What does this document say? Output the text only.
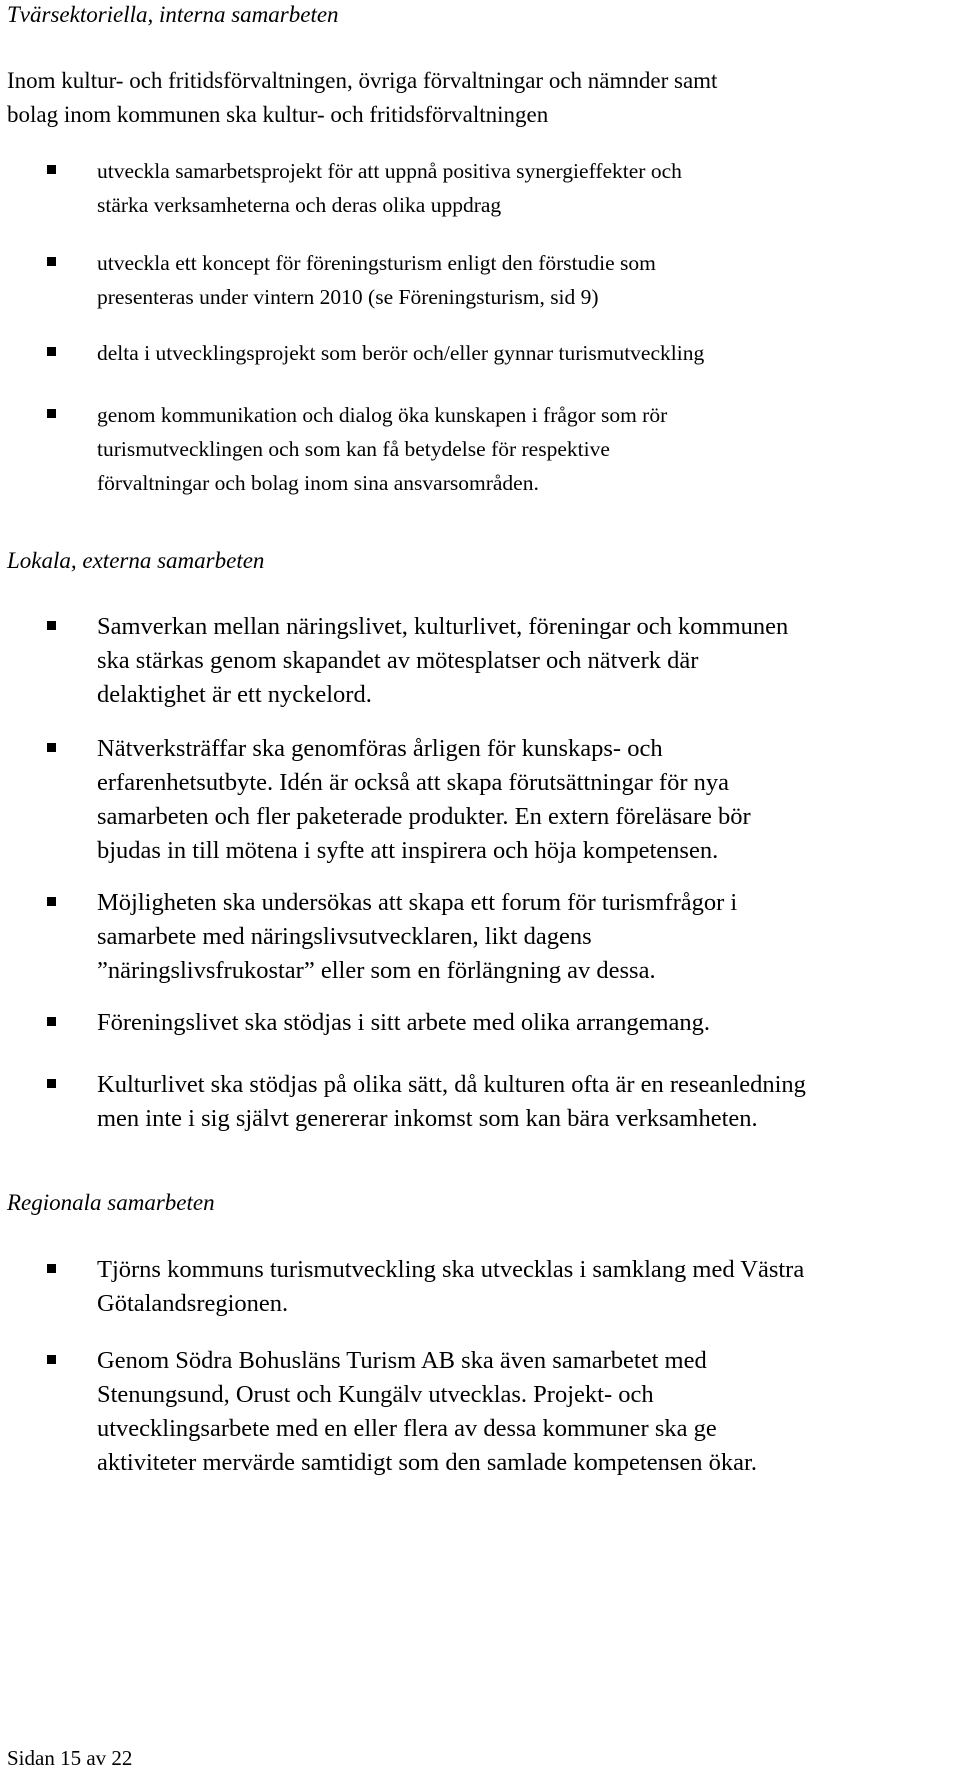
Tvärsektoriella, interna samarbeten
Inom kultur- och fritidsförvaltningen, övriga förvaltningar och nämnder samt
bolag inom kommunen ska kultur- och fritidsförvaltningen
utveckla samarbetsprojekt för att uppnå positiva synergieffekter och
stärka verksamheterna och deras olika uppdrag
utveckla ett koncept för föreningsturism enligt den förstudie som
presenteras under vintern 2010 (se Föreningsturism, sid 9)
delta i utvecklingsprojekt som berör och/eller gynnar turismutveckling
genom kommunikation och dialog öka kunskapen i frågor som rör
turismutvecklingen och som kan få betydelse för respektive
förvaltningar och bolag inom sina ansvarsområden.
Lokala, externa samarbeten
Samverkan mellan näringslivet, kulturlivet, föreningar och kommunen
ska stärkas genom skapandet av mötesplatser och nätverk där
delaktighet är ett nyckelord.
Nätverksträffar ska genomföras årligen för kunskaps- och
erfarenhetsutbyte. Idén är också att skapa förutsättningar för nya
samarbeten och fler paketerade produkter. En extern föreläsare bör
bjudas in till mötena i syfte att inspirera och höja kompetensen.
Möjligheten ska undersökas att skapa ett forum för turismfrågor i
samarbete med näringslivsutvecklaren, likt dagens
”näringslivsfrukostar” eller som en förlängning av dessa.
Föreningslivet ska stödjas i sitt arbete med olika arrangemang.
Kulturlivet ska stödjas på olika sätt, då kulturen ofta är en reseanledning
men inte i sig självt genererar inkomst som kan bära verksamheten.
Regionala samarbeten
Tjörns kommuns turismutveckling ska utvecklas i samklang med Västra
Götalandsregionen.
Genom Södra Bohusläns Turism AB ska även samarbetet med
Stenungsund, Orust och Kungälv utvecklas. Projekt- och
utvecklingsarbete med en eller flera av dessa kommuner ska ge
aktiviteter mervärde samtidigt som den samlade kompetensen ökar.
Sidan 15 av 22
